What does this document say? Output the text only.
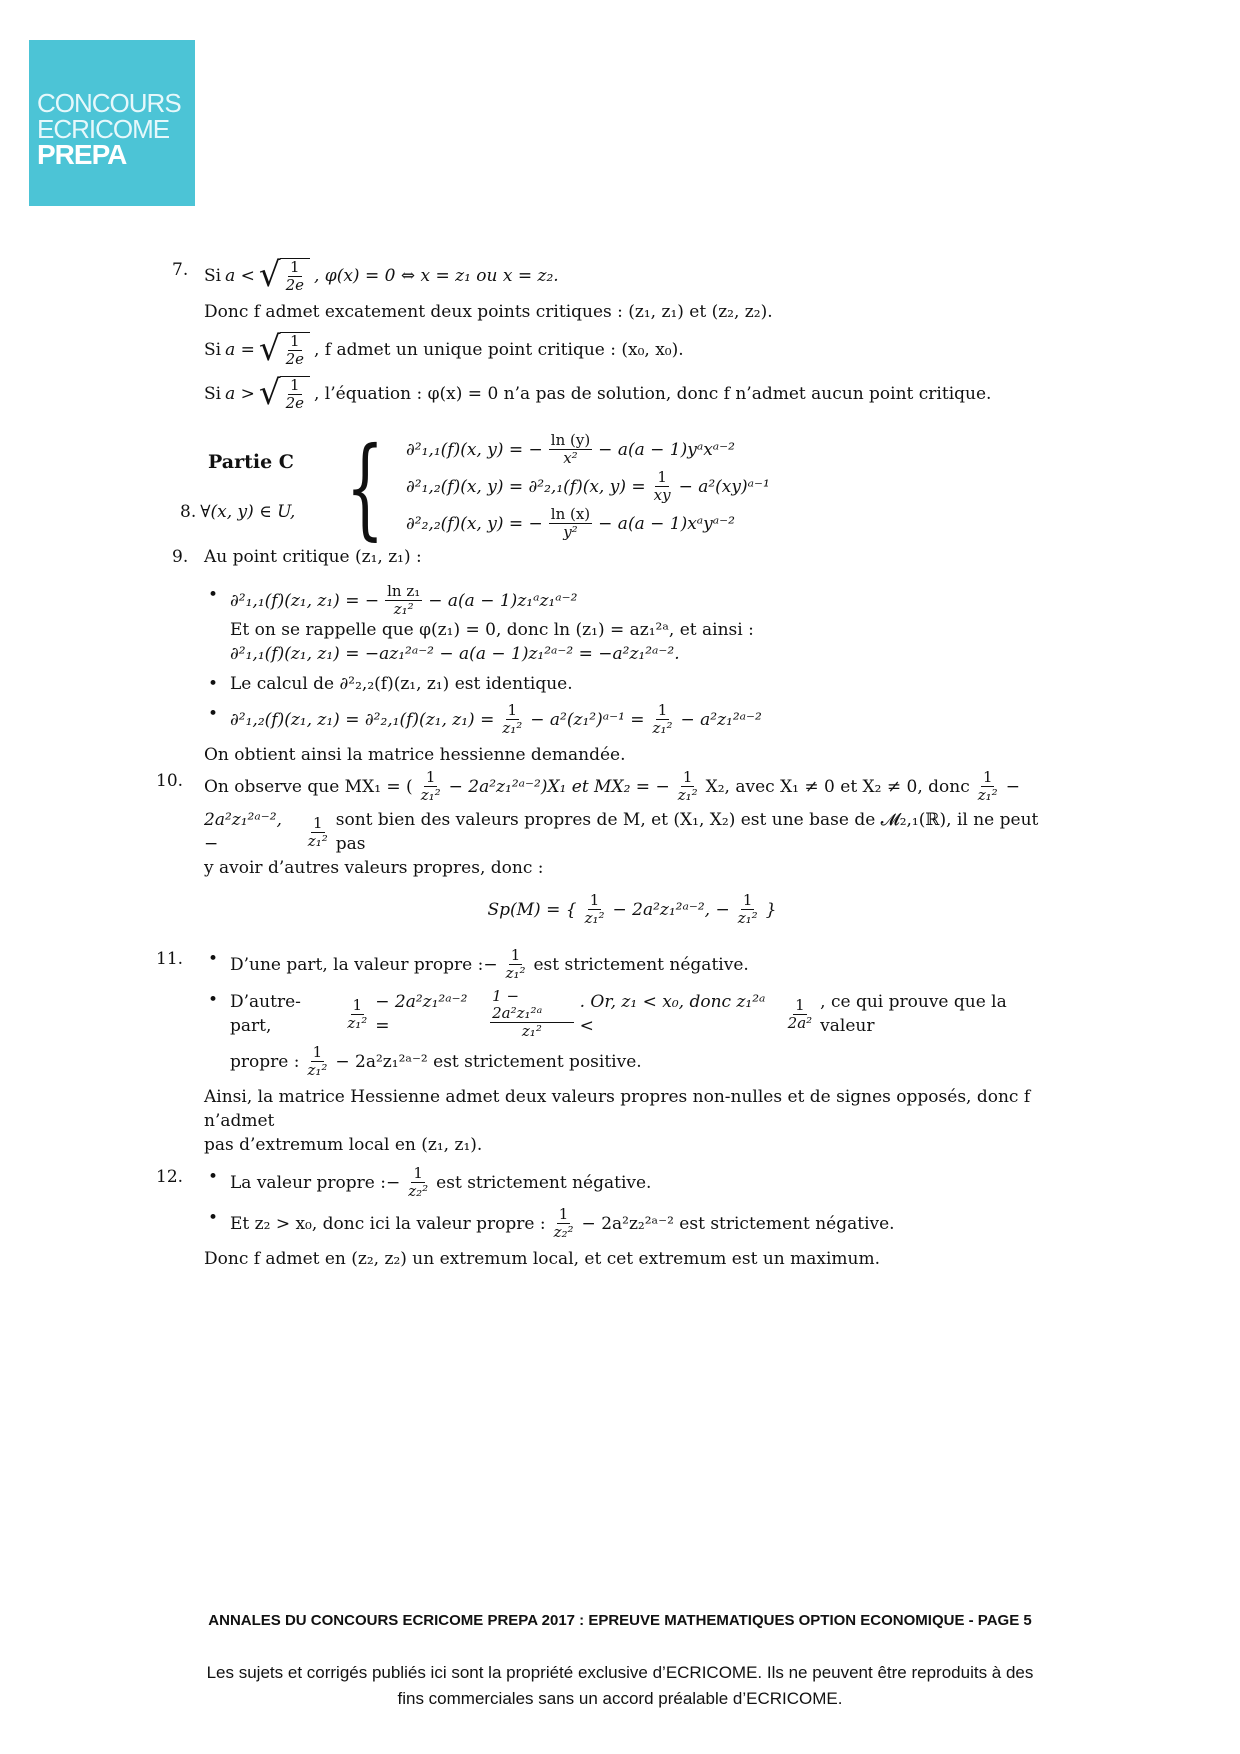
CONCOURS
ECRICOME
PREPA
7. Si a < √ $\frac{1}{2e}$ , φ(x) = 0 ⇔ x = z₁ ou x = z₂.
Donc f admet excatement deux points critiques : (z₁, z₁) et (z₂, z₂).
Si a = √ $\frac{1}{2e}$ , f admet un unique point critique : (x₀, x₀).
Si a > √ $\frac{1}{2e}$ , l’équation : φ(x) = 0 n’a pas de solution, donc f n’admet aucun point critique.
Partie C
8. ∀(x, y) ∈ U, { ∂²₁,₁(f)(x, y) = − $\frac{\ln (y)}{\text{x²}} - a(a$ − 1)yᵃxᵃ⁻²
∂²₁,₂(f)(x, y) = ∂²₂,₁(f)(x, $y) = \frac{1}{xy}$ − a²(xy)ᵃ⁻¹
∂²₂,₂(f)(x, y) = − $\frac{\ln (x)}{\text{y²}} - a(a$ − 1)xᵃyᵃ⁻²
9. Au point critique (z₁, z₁) :
• ∂²₁,₁(f)(z₁, z₁) = − $\frac{\text{ln z₁}}{\text{z₁²}} - a(a$ − 1)z₁ᵃz₁ᵃ⁻²
Et on se rappelle que φ(z₁) = 0, donc ln (z₁) = az₁²ᵃ, et ainsi :
∂²₁,₁(f)(z₁, z₁) = −az₁²ᵃ⁻² − a(a − 1)z₁²ᵃ⁻² = −a²z₁²ᵃ⁻².
• Le calcul de ∂²₂,₂(f)(z₁, z₁) est identique.
• ∂²₁,₂(f)(z₁, z₁) = ∂²₂,₁(f)(z₁, $z_1) = \frac{1}{\text{z₁²}}$ − a²(z₁²)ᵃ⁻¹ = $\frac{1}{\text{z₁²}}$ − a²z₁²ᵃ⁻²
On obtient ainsi la matrice hessienne demandée.
10. On observe que MX₁ = ( $\frac{1}{\text{z₁²}}$ − 2a²z₁²ᵃ⁻²)X₁ et MX₂ = − $\frac{1}{\text{z₁²}} X_2$, avec X₁ ≠ 0 et X₂ ≠ 0, donc $\frac{1}{\text{z₁²}}$ −
2a²z₁²ᵃ⁻², −	$\frac{1}{\text{z₁²}}$ sont bien des valeurs propres de M, et (X₁, X₂) est une base de 𝓜₂,₁(ℝ), il ne peut pas
y avoir d’autres valeurs propres, donc :
Sp(M) = { $\frac{1}{\text{z₁²}}$ − 2a²z₁²ᵃ⁻², − $\frac{1}{\text{z₁²}}$ }
11.	• D’une part, la valeur propre :− $\frac{1}{\text{z₁²}}$ est strictement négative.
• D’autre-part,	$\frac{1}{\text{z₁²}}$ − 2a²z₁²ᵃ⁻² =	$\frac{\text{1 − 2a²z₁²ᵃ}}{\text{z₁²}}$ . Or, z₁ < x₀, donc z₁²ᵃ <	$\frac{1}{\text{2a²}}$ , ce qui prouve que la valeur
propre : $\frac{1}{\text{z₁²}}$ − 2a²z₁²ᵃ⁻² est strictement positive.
Ainsi, la matrice Hessienne admet deux valeurs propres non-nulles et de signes opposés, donc f n’admet
pas d’extremum local en (z₁, z₁).
12.	• La valeur propre :− $\frac{1}{\text{z₂²}}$ est strictement négative.
• Et z₂ > x₀, donc ici la valeur propre : $\frac{1}{\text{z₂²}}$ − 2a²z₂²ᵃ⁻² est strictement négative.
Donc f admet en (z₂, z₂) un extremum local, et cet extremum est un maximum.
ANNALES DU CONCOURS ECRICOME PREPA 2017 : EPREUVE MATHEMATIQUES OPTION ECONOMIQUE - PAGE 5
Les sujets et corrigés publiés ici sont la propriété exclusive d’ECRICOME. Ils ne peuvent être reproduits à des
fins commerciales sans un accord préalable d’ECRICOME.
